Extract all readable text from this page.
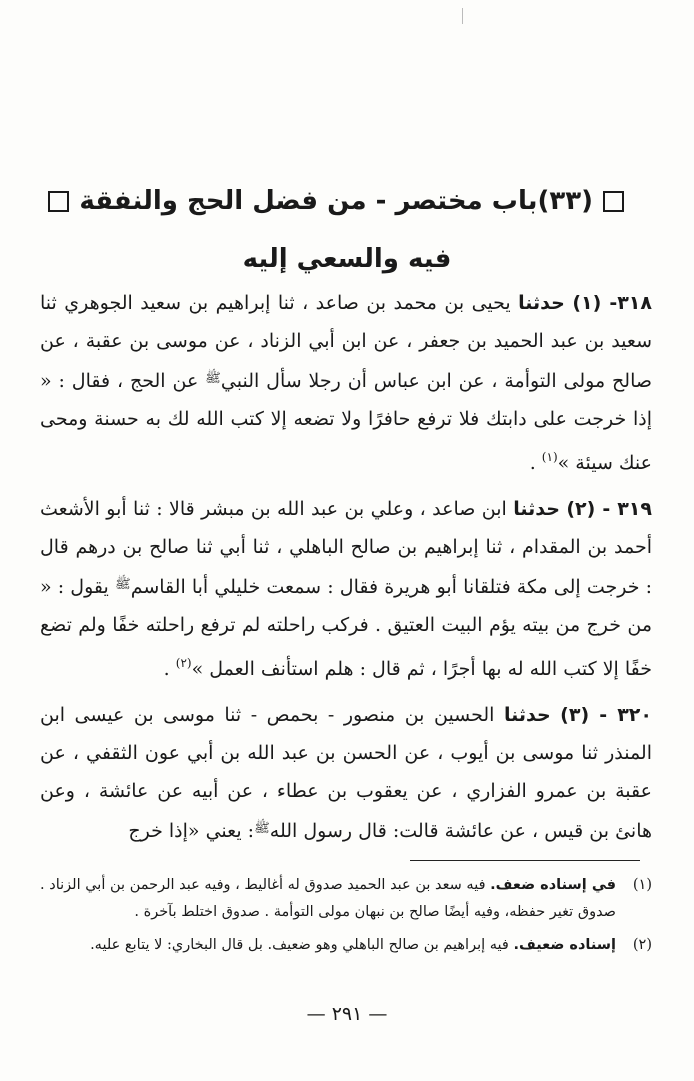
(٣٣)باب مختصر - من فضل الحج والنفقة
فيه والسعي إليه

٣١٨- (١) حدثنا يحيى بن محمد بن صاعد ، ثنا إبراهيم بن سعيد الجوهري ثنا سعيد بن عبد الحميد بن جعفر ، عن ابن أبي الزناد ، عن موسى بن عقبة ، عن صالح مولى التوأمة ، عن ابن عباس أن رجلا سأل النبي$^ﷺ$ عن الحج ، فقال : « إذا خرجت على دابتك فلا ترفع حافرًا ولا تضعه إلا كتب الله لك به حسنة ومحى عنك سيئة »$^{(١)}$ .

٣١٩ - (٢) حدثنا ابن صاعد ، وعلي بن عبد الله بن مبشر قالا : ثنا أبو الأشعث أحمد بن المقدام ، ثنا إبراهيم بن صالح الباهلي ، ثنا أبي ثنا صالح بن درهم قال : خرجت إلى مكة فتلقانا أبو هريرة فقال : سمعت خليلي أبا القاسم$^ﷺ$ يقول : « من خرج من بيته يؤم البيت العتيق . فركب راحلته لم ترفع راحلته خفًا ولم تضع خفًا إلا كتب الله له بها أجرًا ، ثم قال : هلم استأنف العمل »$^{(٢)}$ .

٣٢٠ - (٣) حدثنا الحسين بن منصور - بحمص - ثنا موسى بن عيسى ابن المنذر ثنا موسى بن أيوب ، عن الحسن بن عبد الله بن أبي عون الثقفي ، عن عقبة بن عمرو الفزاري ، عن يعقوب بن عطاء ، عن أبيه عن عائشة ، وعن هانئ بن قيس ، عن عائشة قالت: قال رسول الله$^ﷺ$: يعني «إذا خرج

(١)
في إسناده ضعف. فيه سعد بن عبد الحميد صدوق له أغاليط ، وفيه عبد الرحمن بن أبي الزناد . صدوق تغير حفظه، وفيه أيضًا صالح بن نبهان مولى التوأمة . صدوق اختلط بآخرة .
(٢)
إسناده ضعيف. فيه إبراهيم بن صالح الباهلي وهو ضعيف. بل قال البخاري: لا يتابع عليه.
— ٢٩١ —
